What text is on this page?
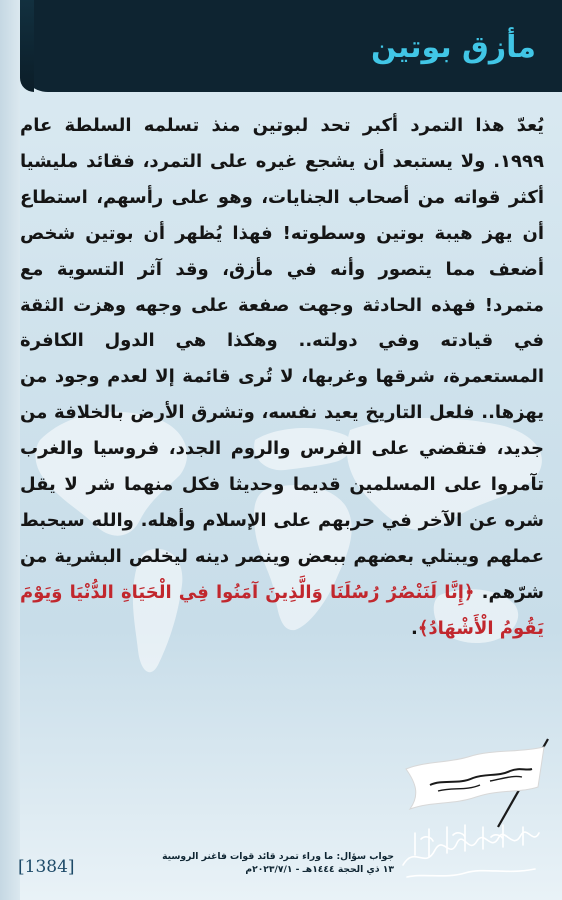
مأزق بوتين

يُعدّ هذا التمرد أكبر تحد لبوتين منذ تسلمه السلطة عام ١٩٩٩. ولا يستبعد أن يشجع غيره على التمرد، فقائد مليشيا أكثر قواته من أصحاب الجنايات، وهو على رأسهم، استطاع أن يهز هيبة بوتين وسطوته! فهذا يُظهر أن بوتين شخص أضعف مما يتصور وأنه في مأزق، وقد آثر التسوية مع متمرد! فهذه الحادثة وجهت صفعة على وجهه وهزت الثقة في قيادته وفي دولته.. وهكذا هي الدول الكافرة المستعمرة، شرقها وغربها، لا تُرى قائمة إلا لعدم وجود من يهزها.. فلعل التاريخ يعيد نفسه، وتشرق الأرض بالخلافة من جديد، فتقضي على الفرس والروم الجدد، فروسيا والغرب تآمروا على المسلمين قديما وحديثا فكل منهما شر لا يقل شره عن الآخر في حربهم على الإسلام وأهله. والله سيحبط عملهم ويبتلي بعضهم ببعض وينصر دينه ليخلص البشرية من شرّهم. ﴿إِنَّا لَنَنْصُرُ رُسُلَنَا وَالَّذِينَ آمَنُوا فِي الْحَيَاةِ الدُّنْيَا وَيَوْمَ يَقُومُ الْأَشْهَادُ﴾.

جواب سؤال: ما وراء تمرد قائد قوات فاغنر الروسية
١٣ ذي الحجة ١٤٤٤هـ - ٢٠٢٣/٧/١م
[1384]
